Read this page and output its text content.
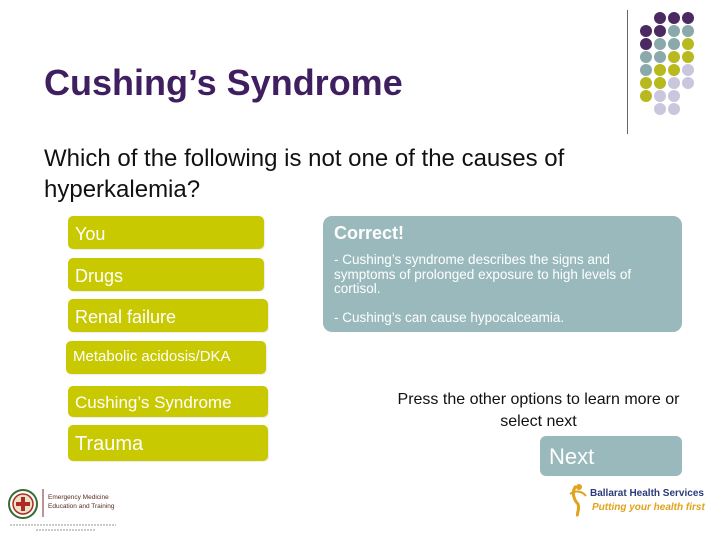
Cushing’s Syndrome

Which of the following is not one of the causes of hyperkalemia?

You
Drugs
Renal failure
Metabolic acidosis/DKA
Cushing’s Syndrome
Trauma
Correct!
- Cushing’s syndrome describes the signs and symptoms of prolonged exposure to high levels of cortisol.
- Cushing’s can cause hypocalceamia.
Press the other options to learn more or select next
Next
Emergency Medicine
Education and Training
Ballarat Health Services
Putting your health first
